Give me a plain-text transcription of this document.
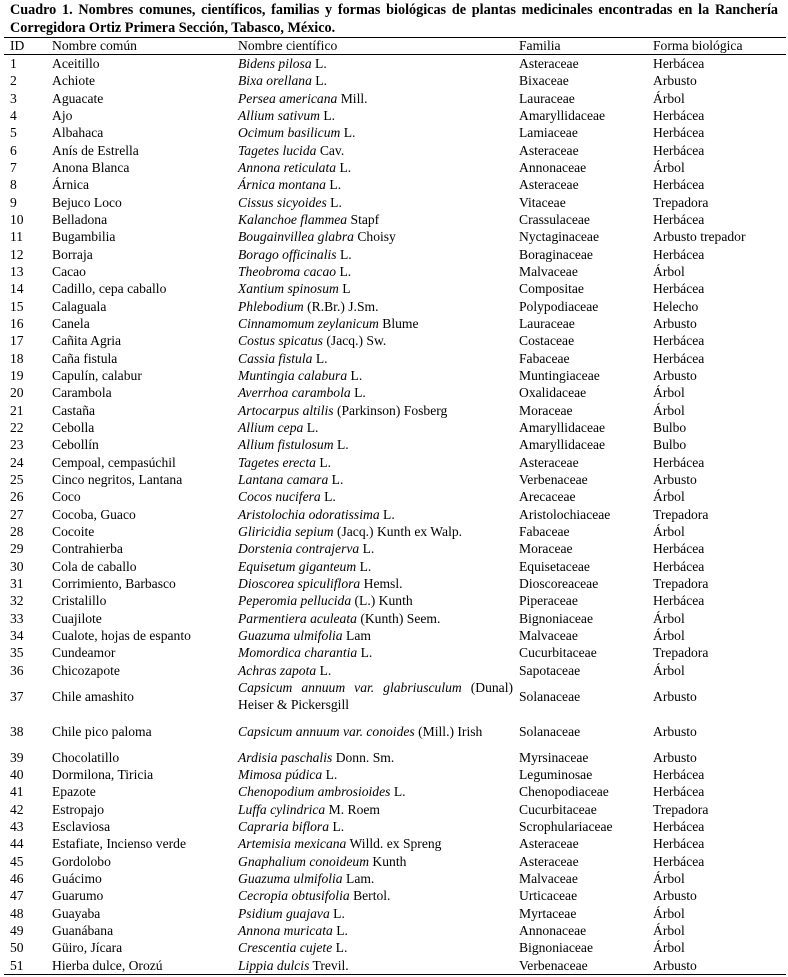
Cuadro 1. Nombres comunes, científicos, familias y formas biológicas de plantas medicinales encontradas en la Ranchería Corregidora Ortiz Primera Sección, Tabasco, México.
ID	Nombre común	Nombre científico	Familia	Forma biológica
1	Aceitillo	Bidens pilosa L.	Asteraceae	Herbácea
2	Achiote	Bixa orellana L.	Bixaceae	Arbusto
3	Aguacate	Persea americana Mill.	Lauraceae	Árbol
4	Ajo	Allium sativum L.	Amaryllidaceae	Herbácea
5	Albahaca	Ocimum basilicum L.	Lamiaceae	Herbácea
6	Anís de Estrella	Tagetes lucida Cav.	Asteraceae	Herbácea
7	Anona Blanca	Annona reticulata L.	Annonaceae	Árbol
8	Árnica	Árnica montana L.	Asteraceae	Herbácea
9	Bejuco Loco	Cissus sicyoides L.	Vitaceae	Trepadora
10	Belladona	Kalanchoe flammea Stapf	Crassulaceae	Herbácea
11	Bugambilia	Bougainvillea glabra Choisy	Nyctaginaceae	Arbusto trepador
12	Borraja	Borago officinalis L.	Boraginaceae	Herbácea
13	Cacao	Theobroma cacao L.	Malvaceae	Árbol
14	Cadillo, cepa caballo	Xantium spinosum L	Compositae	Herbácea
15	Calaguala	Phlebodium (R.Br.) J.Sm.	Polypodiaceae	Helecho
16	Canela	Cinnamomum zeylanicum Blume	Lauraceae	Arbusto
17	Cañita Agria	Costus spicatus (Jacq.) Sw.	Costaceae	Herbácea
18	Caña fistula	Cassia fistula L.	Fabaceae	Herbácea
19	Capulín, calabur	Muntingia calabura L.	Muntingiaceae	Arbusto
20	Carambola	Averrhoa carambola L.	Oxalidaceae	Árbol
21	Castaña	Artocarpus altilis (Parkinson) Fosberg	Moraceae	Árbol
22	Cebolla	Allium cepa L.	Amaryllidaceae	Bulbo
23	Cebollín	Allium fistulosum L.	Amaryllidaceae	Bulbo
24	Cempoal, cempasúchil	Tagetes erecta L.	Asteraceae	Herbácea
25	Cinco negritos, Lantana	Lantana camara L.	Verbenaceae	Arbusto
26	Coco	Cocos nucifera L.	Arecaceae	Árbol
27	Cocoba, Guaco	Aristolochia odoratissima L.	Aristolochiaceae	Trepadora
28	Cocoite	Gliricidia sepium (Jacq.) Kunth ex Walp.	Fabaceae	Árbol
29	Contrahierba	Dorstenia contrajerva L.	Moraceae	Herbácea
30	Cola de caballo	Equisetum giganteum L.	Equisetaceae	Herbácea
31	Corrimiento, Barbasco	Dioscorea spiculiflora Hemsl.	Dioscoreaceae	Trepadora
32	Cristalillo	Peperomia pellucida (L.) Kunth	Piperaceae	Herbácea
33	Cuajilote	Parmentiera aculeata (Kunth) Seem.	Bignoniaceae	Árbol
34	Cualote, hojas de espanto	Guazuma ulmifolia Lam	Malvaceae	Árbol
35	Cundeamor	Momordica charantia L.	Cucurbitaceae	Trepadora
36	Chicozapote	Achras zapota L.	Sapotaceae	Árbol
37	Chile amashito	Capsicum annuum var. glabriusculum (Dunal) Heiser & Pickersgill	Solanaceae	Arbusto
38	Chile pico paloma	Capsicum annuum var. conoides (Mill.) Irish	Solanaceae	Arbusto
39	Chocolatillo	Ardisia paschalis Donn. Sm.	Myrsinaceae	Arbusto
40	Dormilona, Tiricia	Mimosa púdica L.	Leguminosae	Herbácea
41	Epazote	Chenopodium ambrosioides L.	Chenopodiaceae	Herbácea
42	Estropajo	Luffa cylindrica M. Roem	Cucurbitaceae	Trepadora
43	Esclaviosa	Capraria biflora L.	Scrophulariaceae	Herbácea
44	Estafiate, Incienso verde	Artemisia mexicana Willd. ex Spreng	Asteraceae	Herbácea
45	Gordolobo	Gnaphalium conoideum Kunth	Asteraceae	Herbácea
46	Guácimo	Guazuma ulmifolia Lam.	Malvaceae	Árbol
47	Guarumo	Cecropia obtusifolia Bertol.	Urticaceae	Arbusto
48	Guayaba	Psidium guajava L.	Myrtaceae	Árbol
49	Guanábana	Annona muricata L.	Annonaceae	Árbol
50	Güiro, Jícara	Crescentia cujete L.	Bignoniaceae	Árbol
51	Hierba dulce, Orozú	Lippia dulcis Trevil.	Verbenaceae	Arbusto
